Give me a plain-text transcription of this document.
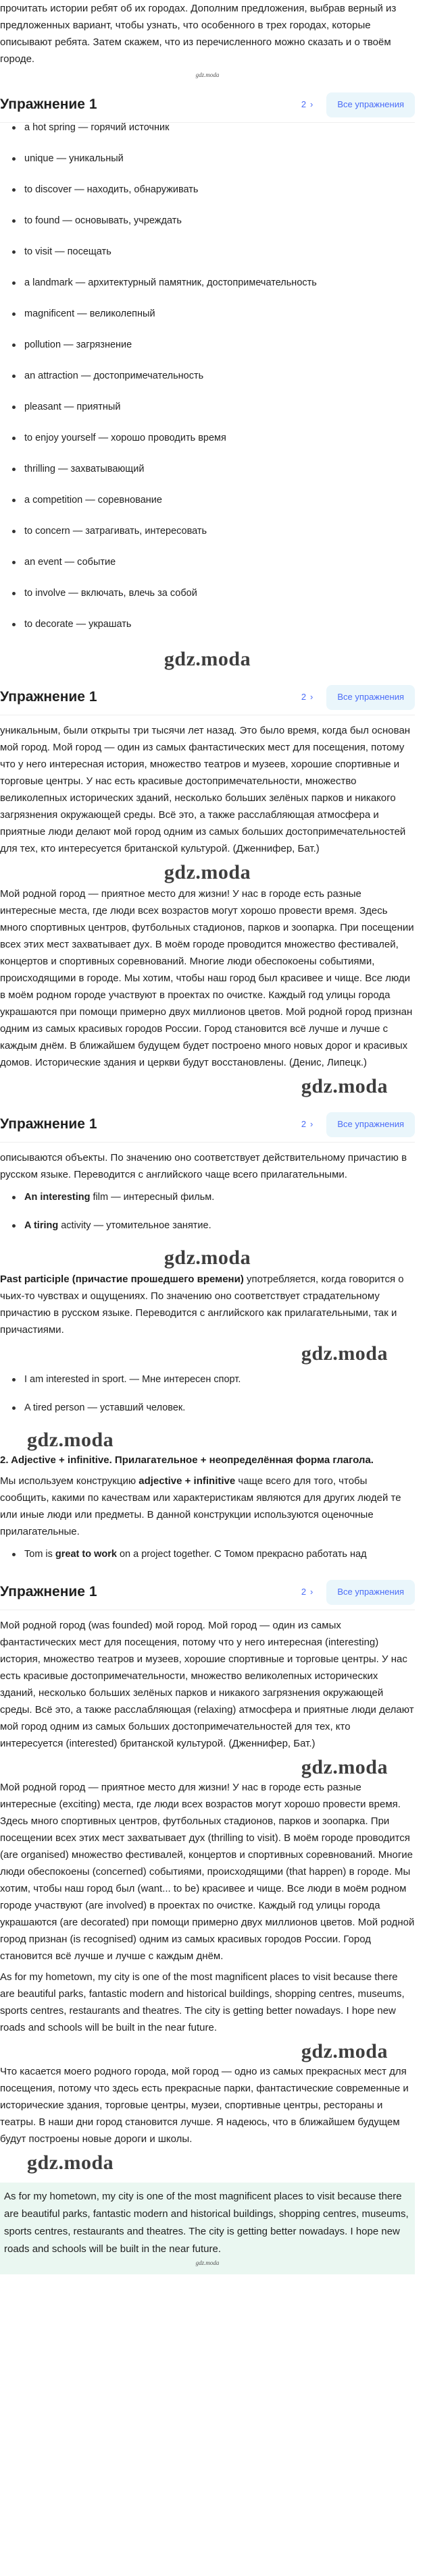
прочитать истории ребят об их городах. Дополним предложения, выбрав верный из предложенных вариант, чтобы узнать, что особенного в трех городах, которые описывают ребята. Затем скажем, что из перечисленного можно сказать и о твоём городе.

gdz.moda
Упражнение 1	2 ›	Все упражнения
a hot spring — горячий источник
unique — уникальный
to discover — находить, обнаруживать
to found — основывать, учреждать
to visit — посещать
a landmark — архитектурный памятник, достопримечательность
magnificent — великолепный
pollution — загрязнение
an attraction — достопримечательность
pleasant — приятный
to enjoy yourself — хорошо проводить время
thrilling — захватывающий
a competition — соревнование
to concern — затрагивать, интересовать
an event — событие
to involve — включать, влечь за собой
to decorate — украшать
gdz.moda
Упражнение 1	2 ›	Все упражнения

уникальным, были открыты три тысячи лет назад. Это было время, когда был основан мой город. Мой город — один из самых фантастических мест для посещения, потому что у него интересная история, множество театров и музеев, хорошие спортивные и торговые центры. У нас есть красивые достопримечательности, множество великолепных исторических зданий, несколько больших зелёных парков и никакого загрязнения окружающей среды. Всё это, а также расслабляющая атмосфера и приятные люди делают мой город одним из самых больших достопримечательностей для тех, кто интересуется британской культурой. (Дженнифер, Бат.)

gdz.moda

Мой родной город — приятное место для жизни! У нас в городе есть разные интересные места, где люди всех возрастов могут хорошо провести время. Здесь много спортивных центров, футбольных стадионов, парков и зоопарка. При посещении всех этих мест захватывает дух. В моём городе проводится множество фестивалей, концертов и спортивных соревнований. Многие люди обеспокоены событиями, происходящими в городе. Мы хотим, чтобы наш город был красивее и чище. Все люди в моём родном городе участвуют в проектах по очистке. Каждый год улицы города украшаются при помощи примерно двух миллионов цветов. Мой родной город признан одним из самых красивых городов России. Город становится всё лучше и лучше с каждым днём. В ближайшем будущем будет построено много новых дорог и красивых домов. Исторические здания и церкви будут восстановлены. (Денис, Липецк.)

gdz.moda
Упражнение 1	2 ›	Все упражнения

описываются объекты. По значению оно соответствует действительному причастию в русском языке. Переводится с английского чаще всего прилагательными.

An interesting film — интересный фильм.
A tiring activity — утомительное занятие.
gdz.moda

Past participle (причастие прошедшего времени) употребляется, когда говорится о чьих-то чувствах и ощущениях. По значению оно соответствует страдательному причастию в русском языке. Переводится с английского как прилагательными, так и причастиями.

gdz.moda
I am interested in sport. — Мне интересен спорт.
A tired person — уставший человек.
gdz.moda

2. Adjective + infinitive. Прилагательное + неопределённая форма глагола.

Мы используем конструкцию adjective + infinitive чаще всего для того, чтобы сообщить, какими по качествам или характеристикам являются для других людей те или иные люди или предметы. В данной конструкции используются оценочные прилагательные.

Tom is great to work on a project together. С Томом прекрасно работать над
Упражнение 1	2 ›	Все упражнения

Мой родной город (was founded) мой город. Мой город — один из самых фантастических мест для посещения, потому что у него интересная (interesting) история, множество театров и музеев, хорошие спортивные и торговые центры. У нас есть красивые достопримечательности, множество великолепных исторических зданий, несколько больших зелёных парков и никакого загрязнения окружающей среды. Всё это, а также расслабляющая (relaxing) атмосфера и приятные люди делают мой город одним из самых больших достопримечательностей для тех, кто интересуется (interested) британской культурой. (Дженнифер, Бат.)

gdz.moda

Мой родной город — приятное место для жизни! У нас в городе есть разные интересные (exciting) места, где люди всех возрастов могут хорошо провести время. Здесь много спортивных центров, футбольных стадионов, парков и зоопарка. При посещении всех этих мест захватывает дух (thrilling to visit). В моём городе проводится (are organised) множество фестивалей, концертов и спортивных соревнований. Многие люди обеспокоены (concerned) событиями, происходящими (that happen) в городе. Мы хотим, чтобы наш город был (want... to be) красивее и чище. Все люди в моём родном городе участвуют (are involved) в проектах по очистке. Каждый год улицы города украшаются (are decorated) при помощи примерно двух миллионов цветов. Мой родной город признан (is recognised) одним из самых красивых городов России. Город становится всё лучше и лучше с каждым днём.

As for my hometown, my city is one of the most magnificent places to visit because there are beautiful parks, fantastic modern and historical buildings, shopping centres, museums, sports centres, restaurants and theatres. The city is getting better nowadays. I hope new roads and schools will be built in the near future.

gdz.moda

Что касается моего родного города, мой город — одно из самых прекрасных мест для посещения, потому что здесь есть прекрасные парки, фантастические современные и исторические здания, торговые центры, музеи, спортивные центры, рестораны и театры. В наши дни город становится лучше. Я надеюсь, что в ближайшем будущем будут построены новые дороги и школы.

gdz.moda

As for my hometown, my city is one of the most magnificent places to visit because there are beautiful parks, fantastic modern and historical buildings, shopping centres, museums, sports centres, restaurants and theatres. The city is getting better nowadays. I hope new roads and schools will be built in the near future.

gdz.moda
